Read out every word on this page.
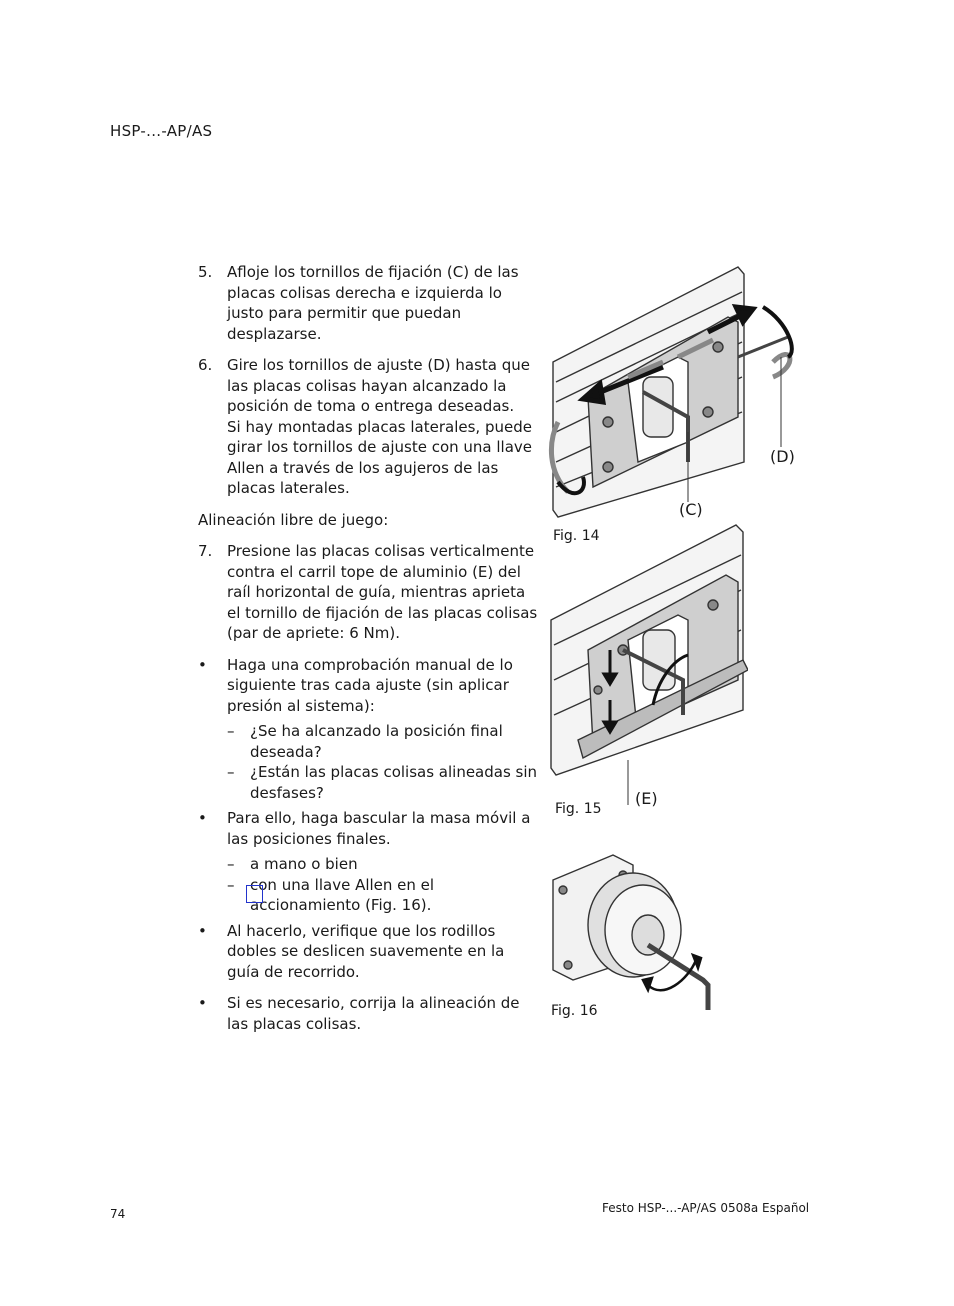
HSP-...-AP/AS
5. Afloje los tornillos de fijación (C) de las placas colisas derecha e izquierda lo justo para permitir que puedan desplazarse.
6. Gire los tornillos de ajuste (D) hasta que las placas colisas hayan alcanzado la posición de toma o entrega deseadas.
Si hay montadas placas laterales, puede girar los tornillos de ajuste con una llave Allen a través de los agujeros de las placas laterales.
Alineación libre de juego:
7. Presione las placas colisas verticalmente contra el carril tope de aluminio (E) del raíl horizontal de guía, mientras aprieta el tornillo de fijación de las placas colisas (par de apriete: 6 Nm).
• Haga una comprobación manual de lo siguiente tras cada ajuste (sin aplicar presión al sistema):
– ¿Se ha alcanzado la posición final deseada?
– ¿Están las placas colisas alineadas sin desfases?
• Para ello, haga bascular la masa móvil a las posiciones finales.
– a mano o bien
– con una llave Allen en el accionamiento (Fig. 16).
• Al hacerlo, verifique que los rodillos dobles se deslicen suavemente en la guía de recorrido.
• Si es necesario, corrija la alineación de las placas colisas.
(D)
(C)
Fig. 14
(E)
Fig. 15
Fig. 16
74	Festo HSP-...-AP/AS 0508a Español
